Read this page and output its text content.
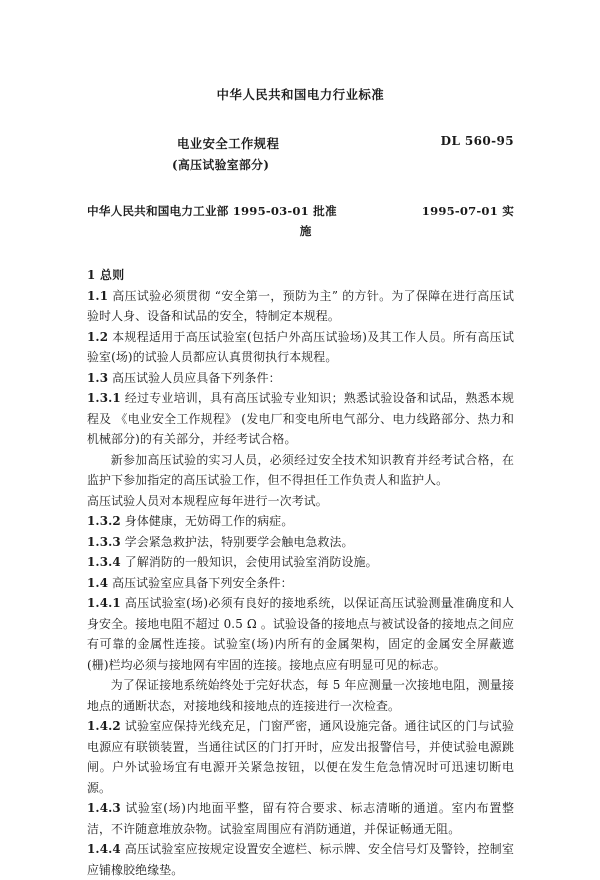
中华人民共和国电力行业标准
电业安全工作规程	DL 560-95
(高压试验室部分)
中华人民共和国电力工业部 1995-03-01 批准	1995-07-01 实
施

1 总则

1.1 高压试验必须贯彻 “安全第一，预防为主” 的方针。为了保障在进行高压试验时人身、设备和试品的安全，特制定本规程。

1.2 本规程适用于高压试验室(包括户外高压试验场)及其工作人员。所有高压试验室(场)的试验人员都应认真贯彻执行本规程。

1.3 高压试验人员应具备下列条件：

1.3.1 经过专业培训，具有高压试验专业知识；熟悉试验设备和试品，熟悉本规程及 《电业安全工作规程》 (发电厂和变电所电气部分、电力线路部分、热力和机械部分)的有关部分，并经考试合格。

新参加高压试验的实习人员，必须经过安全技术知识教育并经考试合格，在监护下参加指定的高压试验工作，但不得担任工作负责人和监护人。

高压试验人员对本规程应每年进行一次考试。

1.3.2 身体健康，无妨碍工作的病症。

1.3.3 学会紧急救护法，特别要学会触电急救法。

1.3.4 了解消防的一般知识，会使用试验室消防设施。

1.4 高压试验室应具备下列安全条件：

1.4.1 高压试验室(场)必须有良好的接地系统，以保证高压试验测量准确度和人身安全。接地电阻不超过 0.5 Ω 。试验设备的接地点与被试设备的接地点之间应有可靠的金属性连接。试验室(场)内所有的金属架构，固定的金属安全屏蔽遮(栅)栏均必须与接地网有牢固的连接。接地点应有明显可见的标志。

为了保证接地系统始终处于完好状态，每 5 年应测量一次接地电阻，测量接地点的通断状态，对接地线和接地点的连接进行一次检查。

1.4.2 试验室应保持光线充足，门窗严密，通风设施完备。通往试区的门与试验电源应有联锁装置，当通往试区的门打开时，应发出报警信号，并使试验电源跳闸。户外试验场宜有电源开关紧急按钮，以便在发生危急情况时可迅速切断电源。

1.4.3 试验室(场)内地面平整，留有符合要求、标志清晰的通道。室内布置整洁，不许随意堆放杂物。试验室周围应有消防通道，并保证畅通无阻。

1.4.4 高压试验室应按规定设置安全遮栏、标示牌、安全信号灯及警铃，控制室应铺橡胶绝缘垫。
